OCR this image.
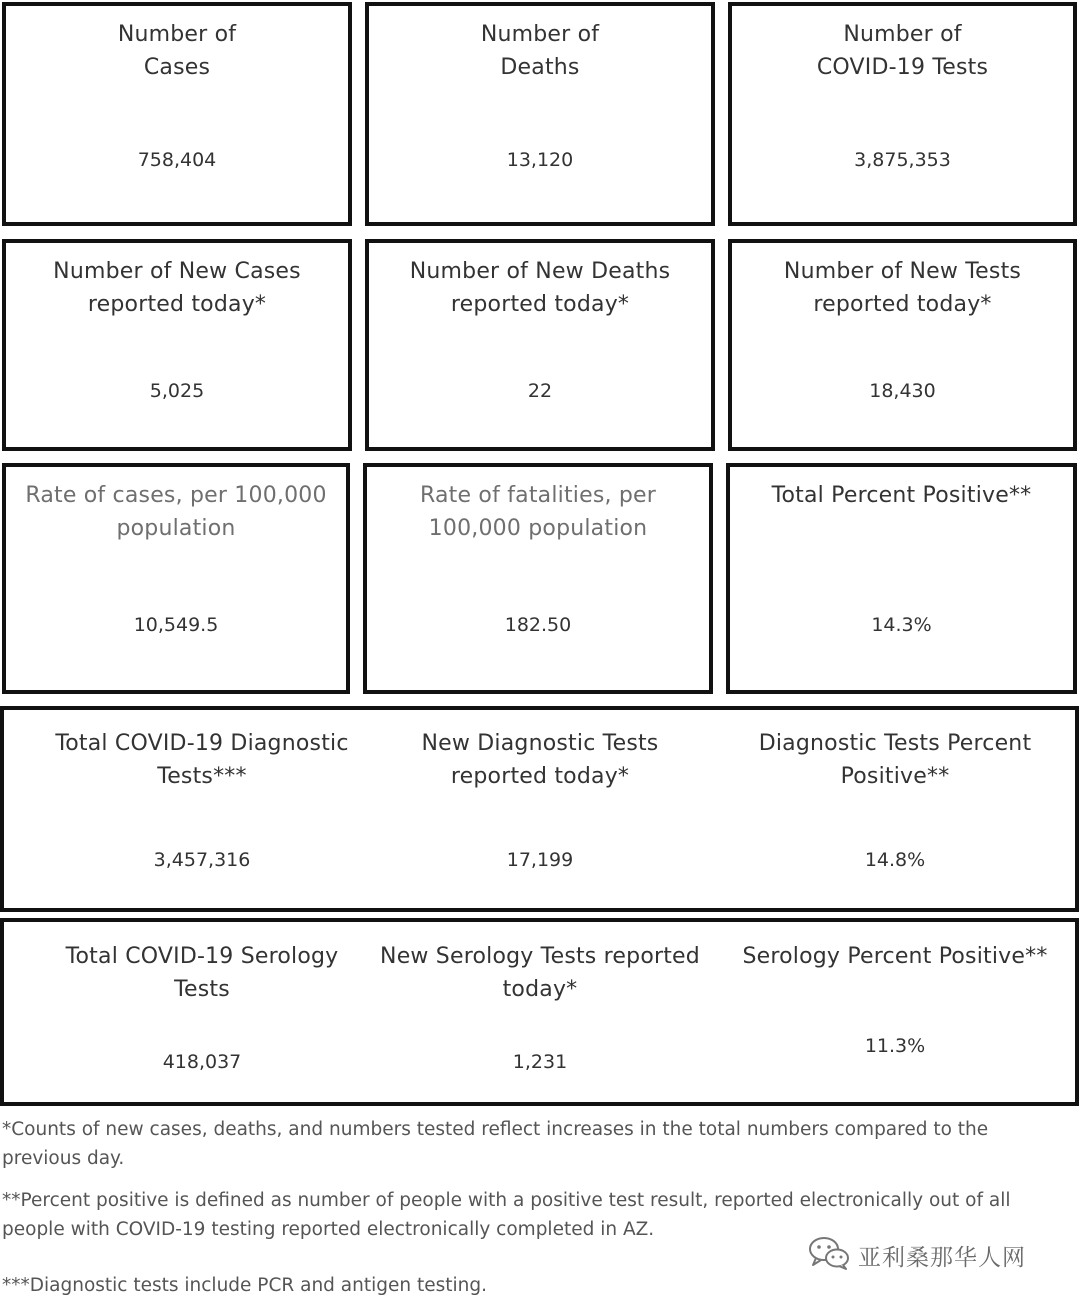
Number of
Cases
758,404
Number of
Deaths
13,120
Number of
COVID-19 Tests
3,875,353
Number of New Cases
reported today*
5,025
Number of New Deaths
reported today*
22
Number of New Tests
reported today*
18,430
Rate of cases, per 100,000
population
10,549.5
Rate of fatalities, per
100,000 population
182.50
Total Percent Positive**
14.3%
Total COVID-19 Diagnostic
Tests***
3,457,316
New Diagnostic Tests
reported today*
17,199
Diagnostic Tests Percent
Positive**
14.8%
Total COVID-19 Serology
Tests
418,037
New Serology Tests reported
today*
1,231
Serology Percent Positive**
11.3%
*Counts of new cases, deaths, and numbers tested reflect increases in the total numbers compared to the previous day.
**Percent positive is defined as number of people with a positive test result, reported electronically out of all people with COVID-19 testing reported electronically completed in AZ.
***Diagnostic tests include PCR and antigen testing.
亚利桑那华人网
